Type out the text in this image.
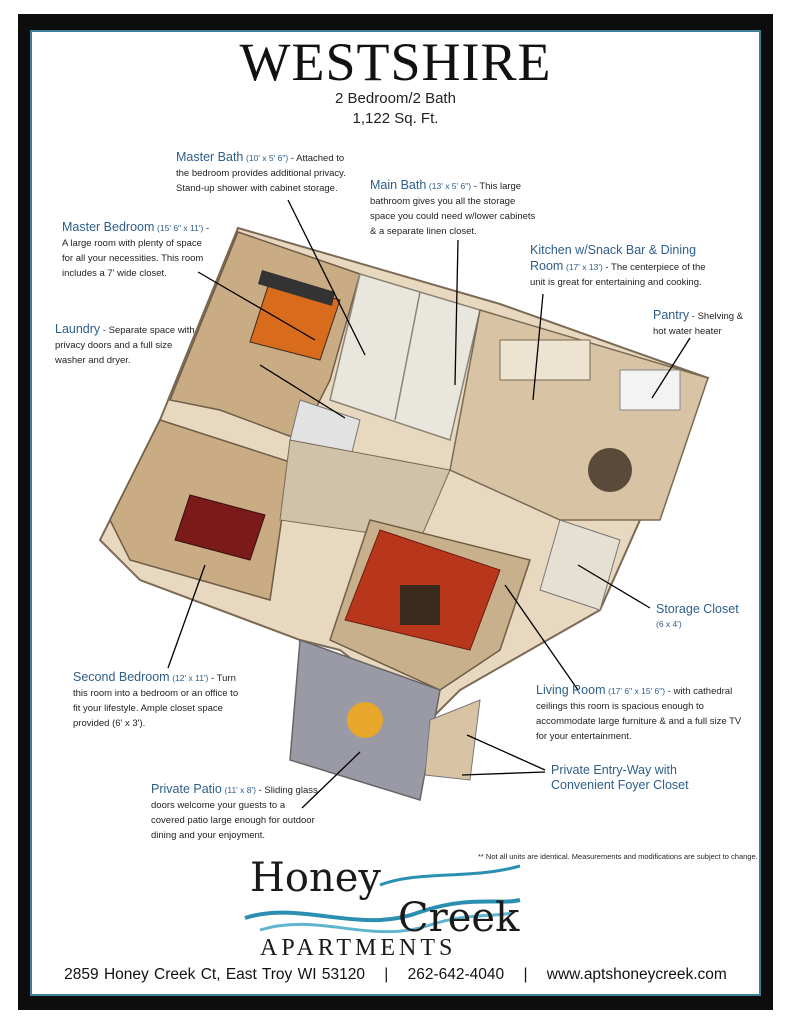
WESTSHIRE
2 Bedroom/2 Bath
1,122 Sq. Ft.
Master Bath (10' x 5' 6") - Attached to the bedroom provides additional privacy. Stand-up shower with cabinet storage.	Main Bath (13' x 5' 6") - This large bathroom gives you all the storage space you could need w/lower cabinets & a separate linen closet.
Master Bedroom (15' 6" x 11') - A large room with plenty of space for all your necessities. This room includes a 7' wide closet.
Kitchen w/Snack Bar & Dining Room (17' x 13') - The centerpiece of the unit is great for entertaining and cooking.
Laundry - Separate space with privacy doors and a full size washer and dryer.
Pantry - Shelving & hot water heater
Storage Closet
(6 x 4')
Second Bedroom (12' x 11') - Turn this room into a bedroom or an office to fit your lifestyle. Ample closet space provided (6' x 3').
Living Room (17' 6" x 15' 6") - with cathedral ceilings this room is spacious enough to accommodate large furniture & and a full size TV for your entertainment.
Private Entry-Way with
Convenient Foyer Closet
Private Patio (11' x 8') - Sliding glass doors welcome your guests to a covered patio large enough for outdoor dining and your enjoyment.
** Not all units are identical. Measurements and modifications are subject to change.
Honey
Creek
APARTMENTS
2859 Honey Creek Ct, East Troy WI 53120 | 262-642-4040 | www.aptshoneycreek.com
